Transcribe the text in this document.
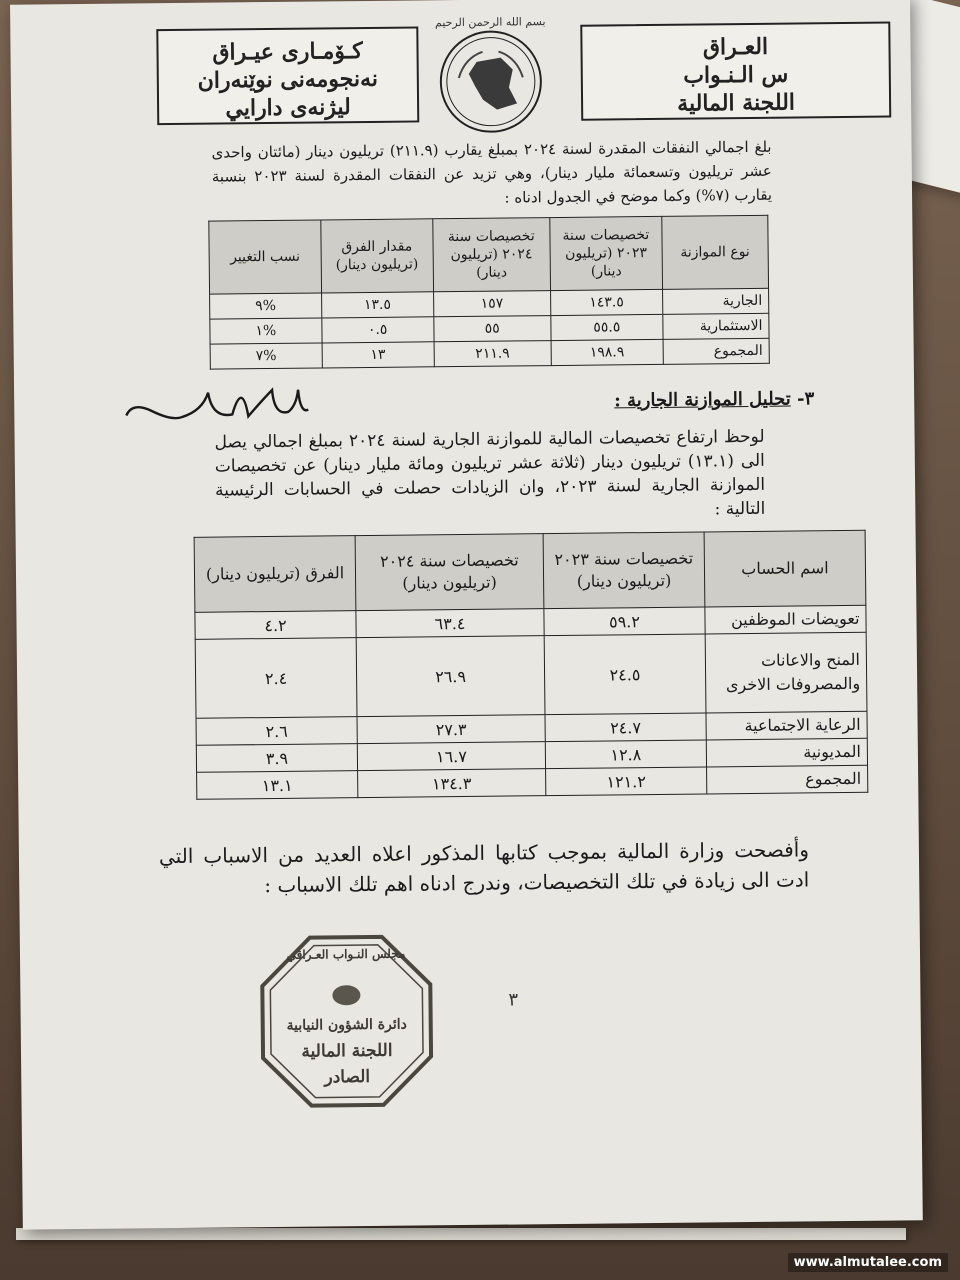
كـۆمـارى عيـراق
نەنجومەنى نوێنەران
ليژنەى دارايي
بسم الله الرحمن الرحيم
العـراق
س الـنـواب
اللجنة المالية
بلغ اجمالي النفقات المقدرة لسنة ٢٠٢٤ بمبلغ يقارب (٢١١.٩) تريليون دينار (مائتان واحدى عشر تريليون وتسعمائة مليار دينار)، وهي تزيد عن النفقات المقدرة لسنة ٢٠٢٣ بنسبة يقارب (٧%) وكما موضح في الجدول ادناه :
نوع الموازنة	تخصيصات سنة ٢٠٢٣ (تريليون دينار)	تخصيصات سنة ٢٠٢٤ (تريليون دينار)	مقدار الفرق (تريليون دينار)	نسب التغيير
الجارية	١٤٣.٥	١٥٧	١٣.٥	%٩
الاستثمارية	٥٥.٥	٥٥	٠.٥	%١
المجموع	١٩٨.٩	٢١١.٩	١٣	%٧
٣- تحليل الموازنة الجارية :
لوحظ ارتفاع تخصيصات المالية للموازنة الجارية لسنة ٢٠٢٤ بمبلغ اجمالي يصل الى (١٣.١) تريليون دينار (ثلاثة عشر تريليون ومائة مليار دينار) عن تخصيصات الموازنة الجارية لسنة ٢٠٢٣، وان الزيادات حصلت في الحسابات الرئيسية التالية :
اسم الحساب	تخصيصات سنة ٢٠٢٣ (تريليون دينار)	تخصيصات سنة ٢٠٢٤ (تريليون دينار)	الفرق (تريليون دينار)
تعويضات الموظفين	٥٩.٢	٦٣.٤	٤.٢
المنح والاعانات والمصروفات الاخرى	٢٤.٥	٢٦.٩	٢.٤
الرعاية الاجتماعية	٢٤.٧	٢٧.٣	٢.٦
المديونية	١٢.٨	١٦.٧	٣.٩
المجموع	١٢١.٢	١٣٤.٣	١٣.١
وأفصحت وزارة المالية بموجب كتابها المذكور اعلاه العديد من الاسباب التي ادت الى زيادة في تلك التخصيصات، وندرج ادناه اهم تلك الاسباب :
مجلس النـواب العـراقي
دائرة الشؤون النيابية
اللجنة المالية
الصادر
٣
www.almutalee.com
